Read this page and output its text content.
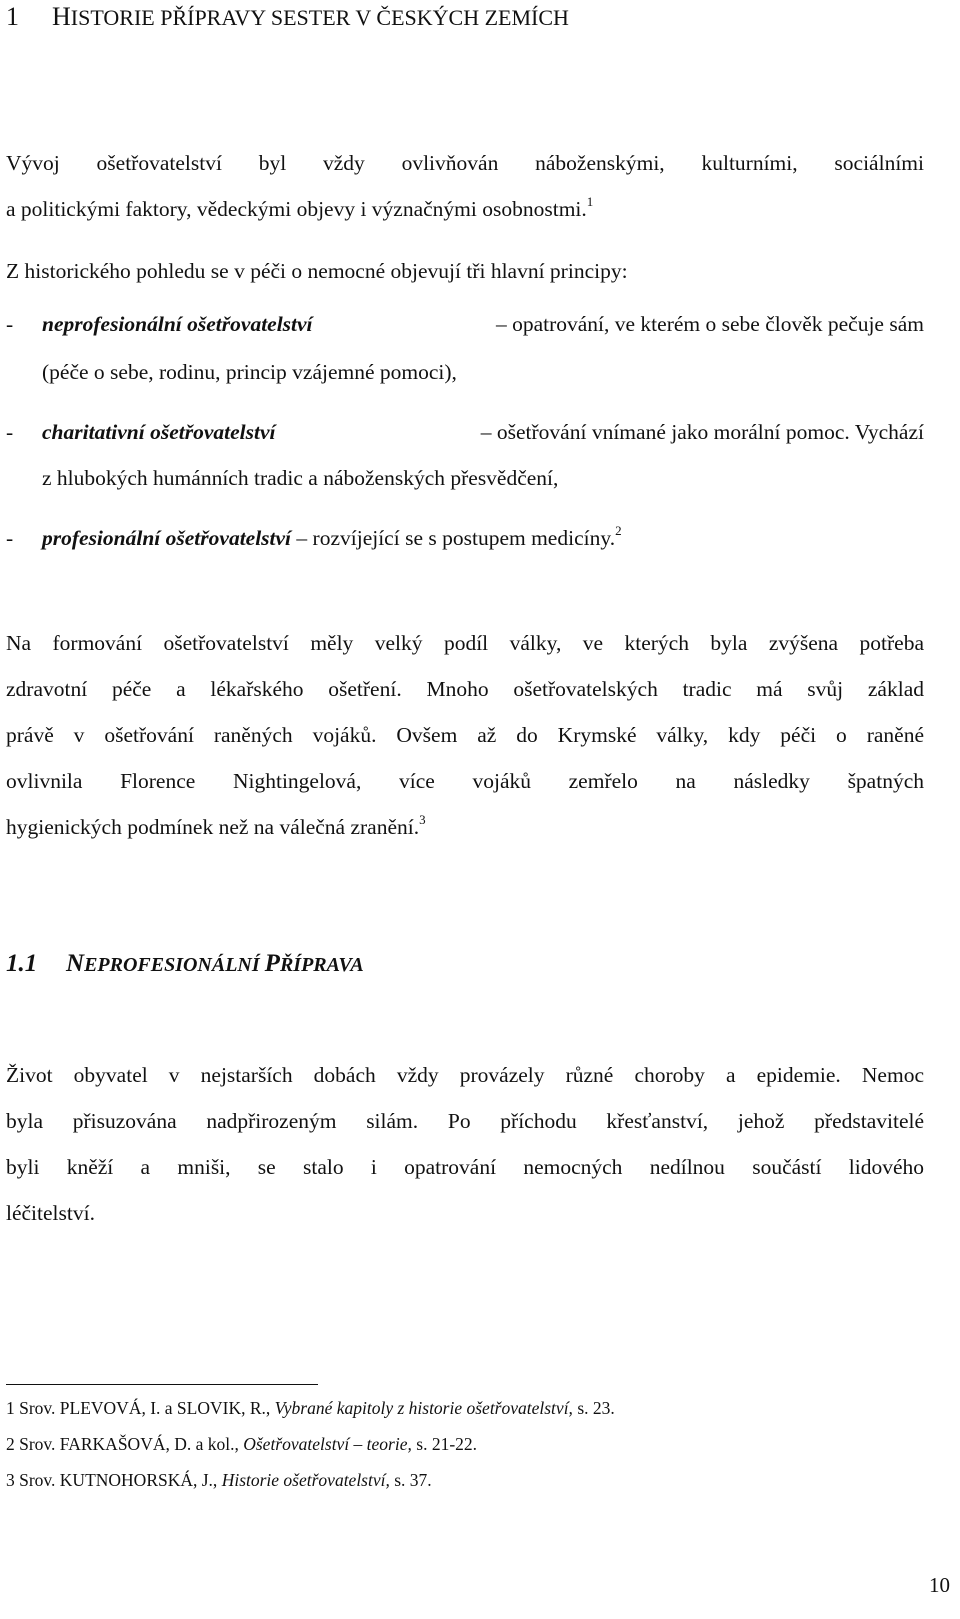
1 HISTORIE PŘÍPRAVY SESTER V ČESKÝCH ZEMÍCH
Vývoj ošetřovatelství byl vždy ovlivňován náboženskými, kulturními, sociálními
a politickými faktory, vědeckými objevy i význačnými osobnostmi.$^1$
Z historického pohledu se v péči o nemocné objevují tři hlavní principy:
- neprofesionální ošetřovatelství	– opatrování, ve kterém o sebe člověk pečuje sám
(péče o sebe, rodinu, princip vzájemné pomoci),
- charitativní ošetřovatelství	– ošetřování vnímané jako morální pomoc. Vychází
z hlubokých humánních tradic a náboženských přesvědčení,
- profesionální ošetřovatelství – rozvíjející se s postupem medicíny.$^2$
Na formování ošetřovatelství měly velký podíl války, ve kterých byla zvýšena potřeba
zdravotní péče a lékařského ošetření. Mnoho ošetřovatelských tradic má svůj základ
právě v ošetřování raněných vojáků. Ovšem až do Krymské války, kdy péči o raněné
ovlivnila Florence Nightingelová, více vojáků zemřelo na následky špatných
hygienických podmínek než na válečná zranění.$^3$
1.1 NEPROFESIONÁLNÍ PŘÍPRAVA
Život obyvatel v nejstarších dobách vždy provázely různé choroby a epidemie. Nemoc
byla přisuzována nadpřirozeným silám. Po příchodu křesťanství, jehož představitelé
byli kněží a mniši, se stalo i opatrování nemocných nedílnou součástí lidového
léčitelství.
1 Srov. PLEVOVÁ, I. a SLOVIK, R., Vybrané kapitoly z historie ošetřovatelství, s. 23.
2 Srov. FARKAŠOVÁ, D. a kol., Ošetřovatelství – teorie, s. 21-22.
3 Srov. KUTNOHORSKÁ, J., Historie ošetřovatelství, s. 37.
10
